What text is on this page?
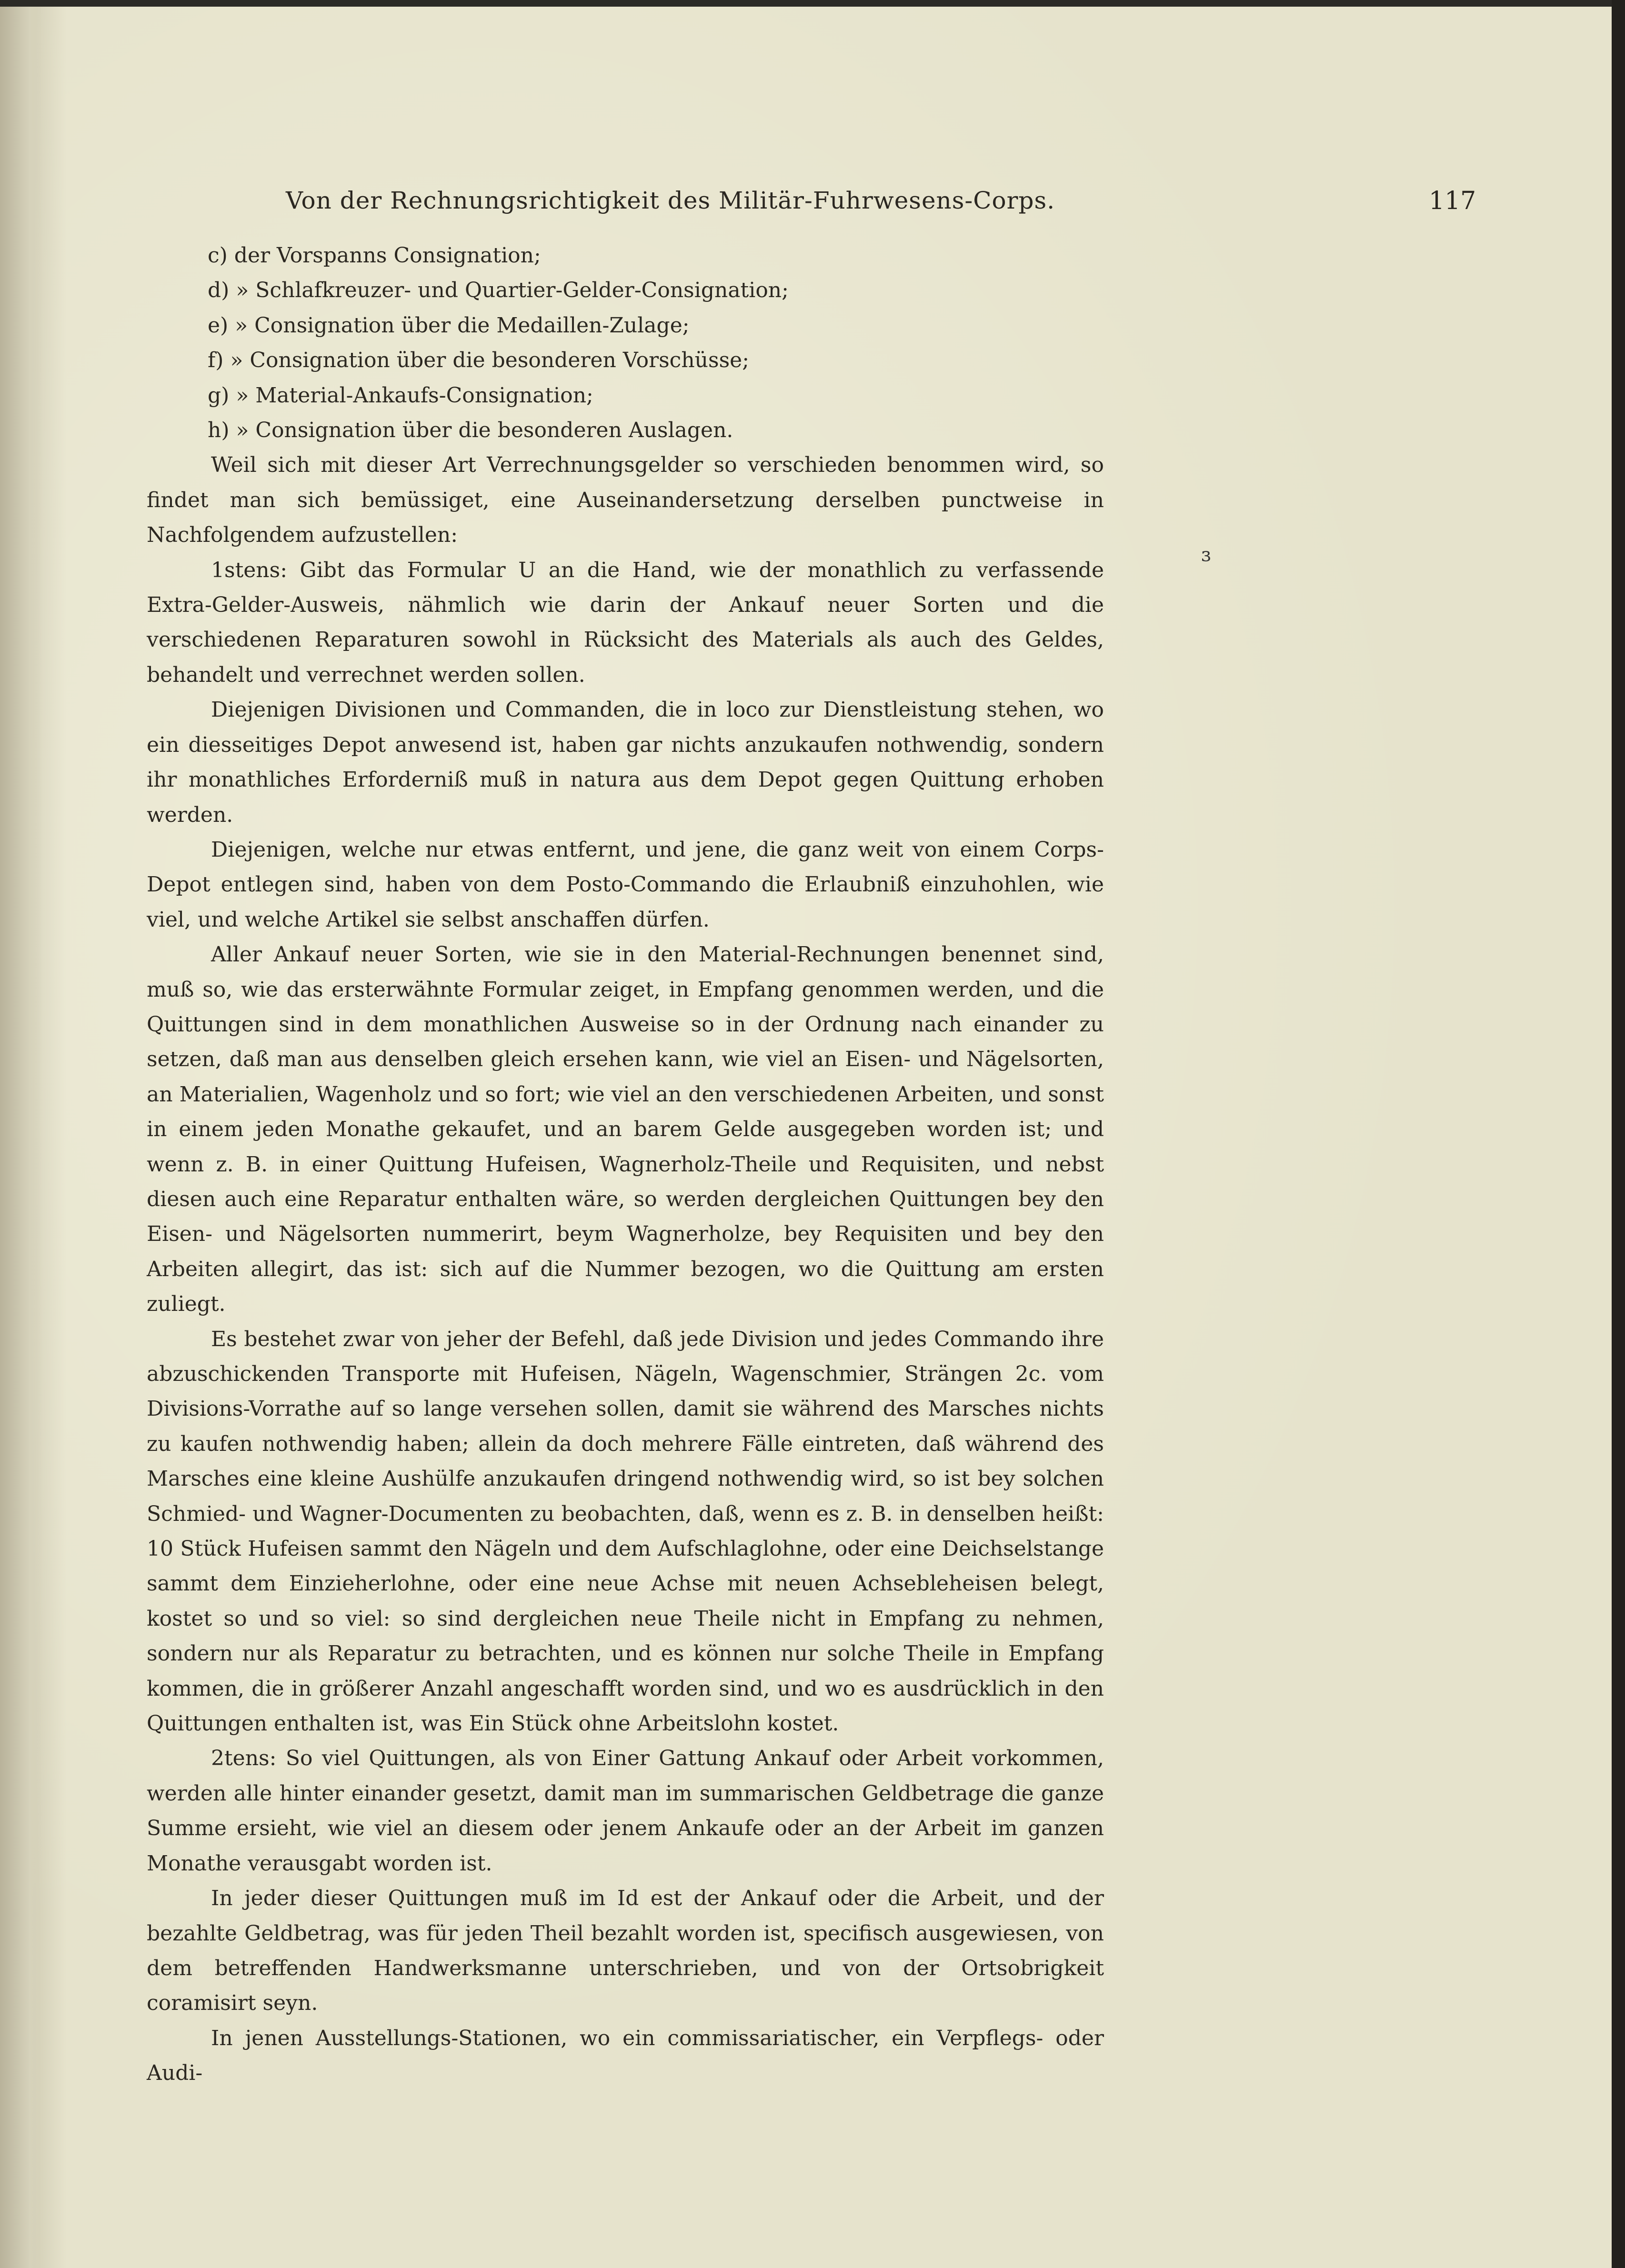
Von der Rechnungsrichtigkeit des Militär-Fuhrwesens-Corps.	117
ɜ
c) der Vorspanns Consignation;
d) » Schlafkreuzer- und Quartier-Gelder-Consignation;
e) » Consignation über die Medaillen-Zulage;
f) » Consignation über die besonderen Vorschüsse;
g) » Material-Ankaufs-Consignation;
h) » Consignation über die besonderen Auslagen.
Weil sich mit dieser Art Verrechnungsgelder so verschieden benommen wird, so findet man sich bemüssiget, eine Auseinandersetzung derselben punctweise in Nachfolgendem aufzustellen:
1stens: Gibt das Formular U an die Hand, wie der monathlich zu verfassende Extra-Gelder-Ausweis, nähmlich wie darin der Ankauf neuer Sorten und die verschiedenen Reparaturen sowohl in Rücksicht des Materials als auch des Geldes, behandelt und verrechnet werden sollen.
Diejenigen Divisionen und Commanden, die in loco zur Dienstleistung stehen, wo ein diesseitiges Depot anwesend ist, haben gar nichts anzukaufen nothwendig, sondern ihr monathliches Erforderniß muß in natura aus dem Depot gegen Quittung erhoben werden.
Diejenigen, welche nur etwas entfernt, und jene, die ganz weit von einem Corps-Depot entlegen sind, haben von dem Posto-Commando die Erlaubniß einzuhohlen, wie viel, und welche Artikel sie selbst anschaffen dürfen.
Aller Ankauf neuer Sorten, wie sie in den Material-Rechnungen benennet sind, muß so, wie das ersterwähnte Formular zeiget, in Empfang genommen werden, und die Quittungen sind in dem monathlichen Ausweise so in der Ordnung nach einander zu setzen, daß man aus denselben gleich ersehen kann, wie viel an Eisen- und Nägelsorten, an Materialien, Wagenholz und so fort; wie viel an den verschiedenen Arbeiten, und sonst in einem jeden Monathe gekaufet, und an barem Gelde ausgegeben worden ist; und wenn z. B. in einer Quittung Hufeisen, Wagnerholz-Theile und Requisiten, und nebst diesen auch eine Reparatur enthalten wäre, so werden dergleichen Quittungen bey den Eisen- und Nägelsorten nummerirt, beym Wagnerholze, bey Requisiten und bey den Arbeiten allegirt, das ist: sich auf die Nummer bezogen, wo die Quittung am ersten zuliegt.
Es bestehet zwar von jeher der Befehl, daß jede Division und jedes Commando ihre abzuschickenden Transporte mit Hufeisen, Nägeln, Wagenschmier, Strängen 2c. vom Divisions-Vorrathe auf so lange versehen sollen, damit sie während des Marsches nichts zu kaufen nothwendig haben; allein da doch mehrere Fälle eintreten, daß während des Marsches eine kleine Aushülfe anzukaufen dringend nothwendig wird, so ist bey solchen Schmied- und Wagner-Documenten zu beobachten, daß, wenn es z. B. in denselben heißt: 10 Stück Hufeisen sammt den Nägeln und dem Aufschlaglohne, oder eine Deichselstange sammt dem Einzieherlohne, oder eine neue Achse mit neuen Achsebleheisen belegt, kostet so und so viel: so sind dergleichen neue Theile nicht in Empfang zu nehmen, sondern nur als Reparatur zu betrachten, und es können nur solche Theile in Empfang kommen, die in größerer Anzahl angeschafft worden sind, und wo es ausdrücklich in den Quittungen enthalten ist, was Ein Stück ohne Arbeitslohn kostet.
2tens: So viel Quittungen, als von Einer Gattung Ankauf oder Arbeit vorkommen, werden alle hinter einander gesetzt, damit man im summarischen Geldbetrage die ganze Summe ersieht, wie viel an diesem oder jenem Ankaufe oder an der Arbeit im ganzen Monathe verausgabt worden ist.
In jeder dieser Quittungen muß im Id est der Ankauf oder die Arbeit, und der bezahlte Geldbetrag, was für jeden Theil bezahlt worden ist, specifisch ausgewiesen, von dem betreffenden Handwerksmanne unterschrieben, und von der Ortsobrigkeit coramisirt seyn.
In jenen Ausstellungs-Stationen, wo ein commissariatischer, ein Verpflegs- oder Audi-
